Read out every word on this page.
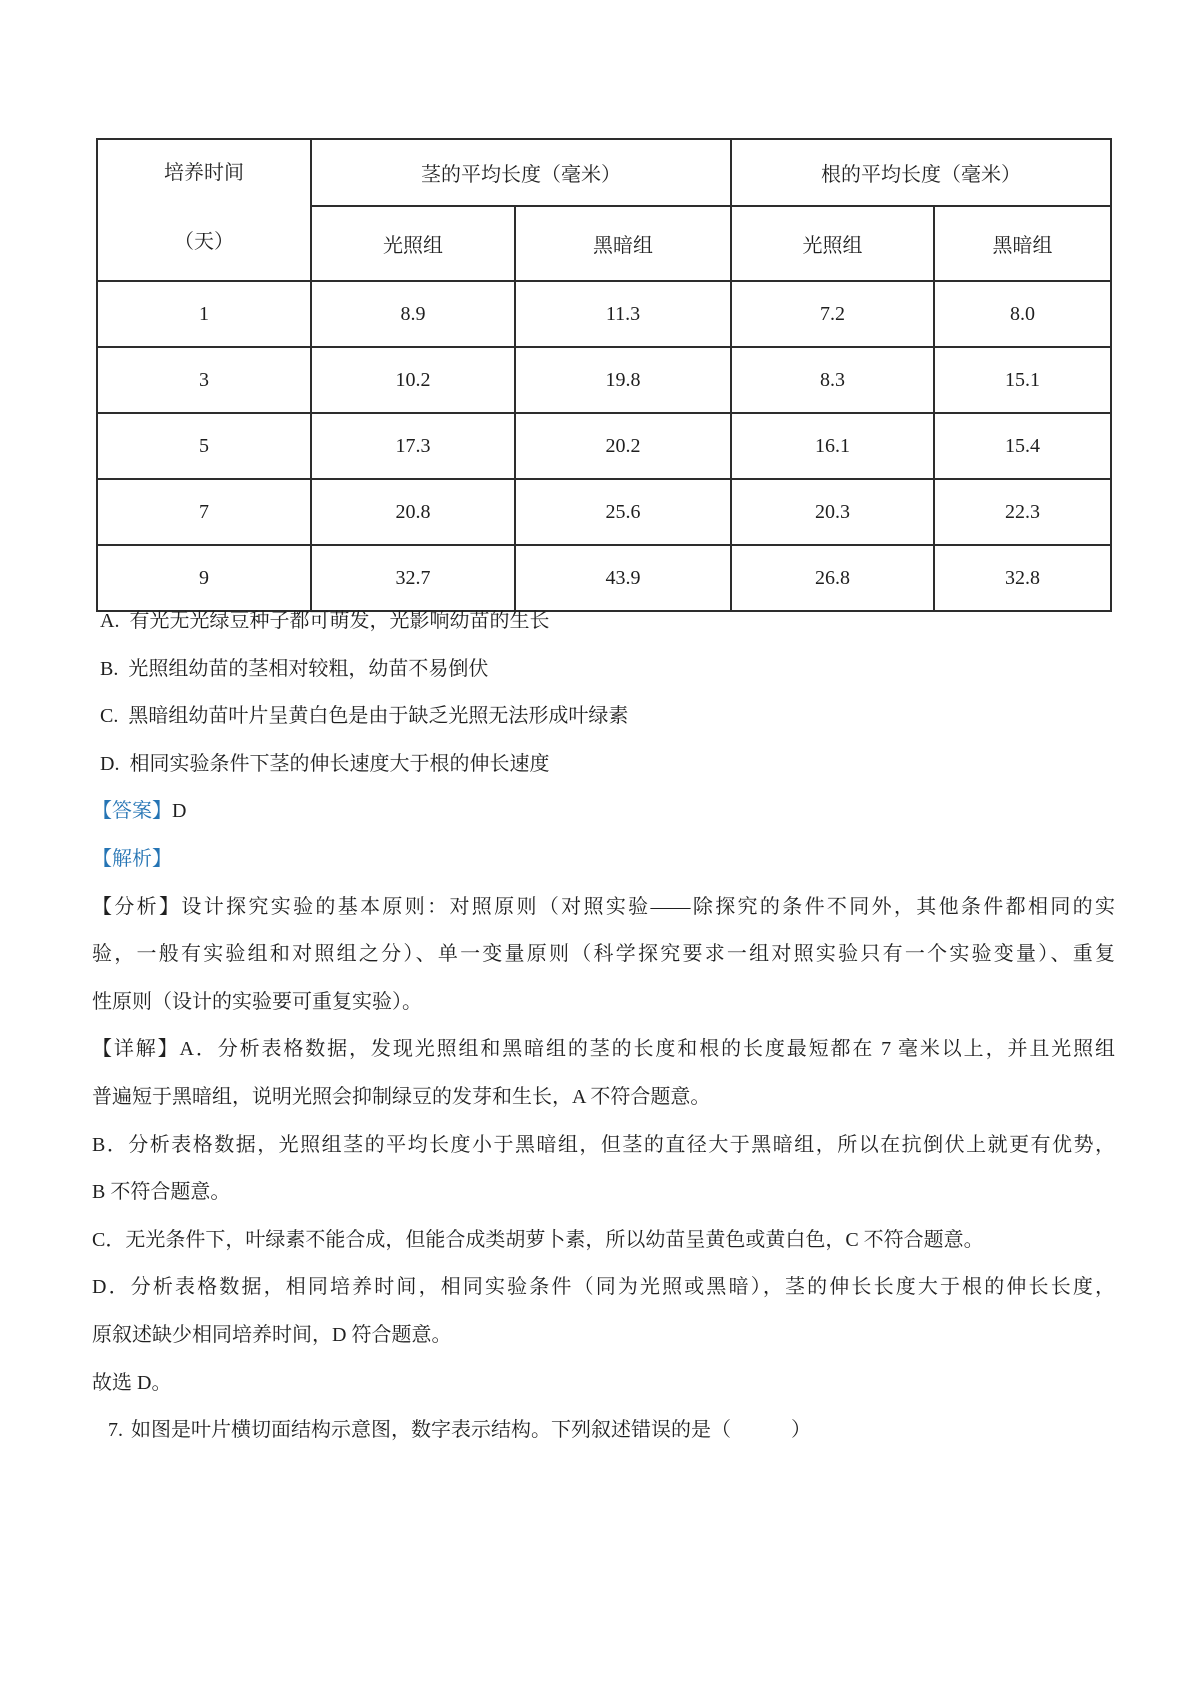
培养时间
（天）	茎的平均长度（毫米）		根的平均长度（毫米）	
	光照组	黑暗组	光照组	黑暗组
1	8.9	11.3	7.2	8.0
3	10.2	19.8	8.3	15.1
5	17.3	20.2	16.1	15.4
7	20.8	25.6	20.3	22.3
9	32.7	43.9	26.8	32.8
A. 有光无光绿豆种子都可萌发，光影响幼苗的生长
B. 光照组幼苗的茎相对较粗，幼苗不易倒伏
C. 黑暗组幼苗叶片呈黄白色是由于缺乏光照无法形成叶绿素
D. 相同实验条件下茎的伸长速度大于根的伸长速度
【答案】D
【解析】
【分析】设计探究实验的基本原则：对照原则（对照实验——除探究的条件不同外，其他条件都相同的实
验，一般有实验组和对照组之分）、单一变量原则（科学探究要求一组对照实验只有一个实验变量）、重复
性原则（设计的实验要可重复实验）。
【详解】A．分析表格数据，发现光照组和黑暗组的茎的长度和根的长度最短都在 7 毫米以上，并且光照组
普遍短于黑暗组，说明光照会抑制绿豆的发芽和生长，A 不符合题意。
B．分析表格数据，光照组茎的平均长度小于黑暗组，但茎的直径大于黑暗组，所以在抗倒伏上就更有优势，
B 不符合题意。
C．无光条件下，叶绿素不能合成，但能合成类胡萝卜素，所以幼苗呈黄色或黄白色，C 不符合题意。
D．分析表格数据，相同培养时间，相同实验条件（同为光照或黑暗），茎的伸长长度大于根的伸长长度，
原叙述缺少相同培养时间，D 符合题意。
故选 D。
7. 如图是叶片横切面结构示意图，数字表示结构。下列叙述错误的是（　　　）
